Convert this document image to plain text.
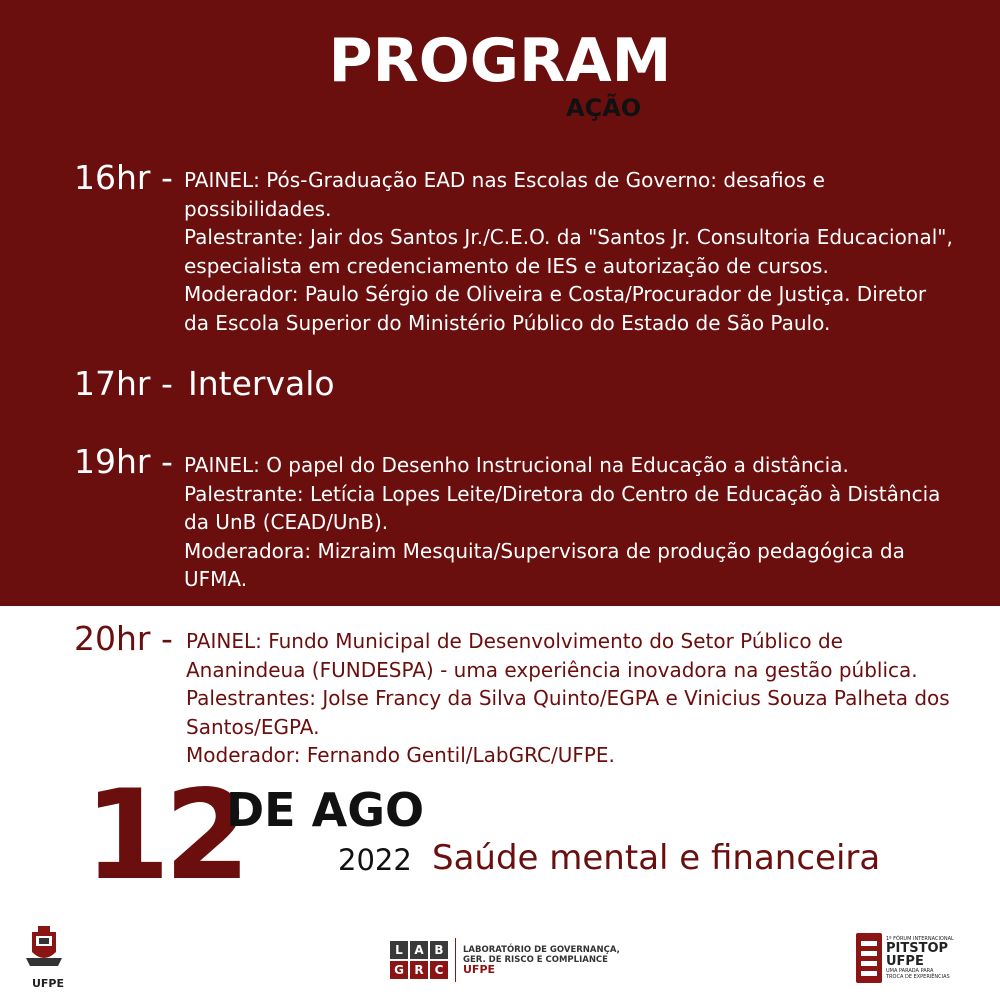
PROGRAM
AÇÃO
16hr - PAINEL: Pós-Graduação EAD nas Escolas de Governo: desafios e
possibilidades.
Palestrante: Jair dos Santos Jr./C.E.O. da "Santos Jr. Consultoria Educacional",
especialista em credenciamento de IES e autorização de cursos.
Moderador: Paulo Sérgio de Oliveira e Costa/Procurador de Justiça. Diretor
da Escola Superior do Ministério Público do Estado de São Paulo.
17hr - Intervalo
19hr - PAINEL: O papel do Desenho Instrucional na Educação a distância.
Palestrante: Letícia Lopes Leite/Diretora do Centro de Educação à Distância
da UnB (CEAD/UnB).
Moderadora: Mizraim Mesquita/Supervisora de produção pedagógica da
UFMA.
20hr - PAINEL: Fundo Municipal de Desenvolvimento do Setor Público de
Ananindeua (FUNDESPA) - uma experiência inovadora na gestão pública.
Palestrantes: Jolse Francy da Silva Quinto/EGPA e Vinicius Souza Palheta dos
Santos/EGPA.
Moderador: Fernando Gentil/LabGRC/UFPE.
12
DE AGO
2022 Saúde mental e financeira
UFPE
L A B
G R C
LABORATÓRIO DE GOVERNANÇA,
GER. DE RISCO E COMPLIANCE
UFPE
1º FÓRUM INTERNACIONAL
PITSTOP
UFPE
UMA PARADA PARA
TROCA DE EXPERIÊNCIAS
